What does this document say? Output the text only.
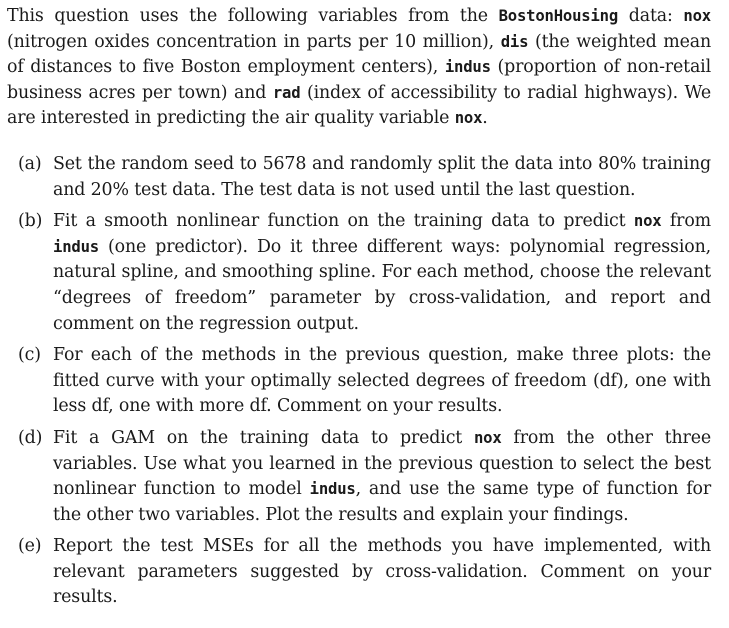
This question uses the following variables from the BostonHousing data: nox (nitrogen oxides concentration in parts per 10 million), dis (the weighted mean of distances to five Boston employment centers), indus (proportion of non-retail business acres per town) and rad (index of accessibility to radial highways). We are interested in predicting the air quality variable nox.

(a) Set the random seed to 5678 and randomly split the data into 80% training and 20% test data. The test data is not used until the last question.
(b) Fit a smooth nonlinear function on the training data to predict nox from indus (one predictor). Do it three different ways: polynomial regression, natural spline, and smoothing spline. For each method, choose the relevant “degrees of freedom” parameter by cross-validation, and report and comment on the regression output.
(c) For each of the methods in the previous question, make three plots: the fitted curve with your optimally selected degrees of freedom (df), one with less df, one with more df. Comment on your results.
(d) Fit a GAM on the training data to predict nox from the other three variables. Use what you learned in the previous question to select the best nonlinear function to model indus, and use the same type of function for the other two variables. Plot the results and explain your findings.
(e) Report the test MSEs for all the methods you have implemented, with relevant parameters suggested by cross-validation. Comment on your results.
